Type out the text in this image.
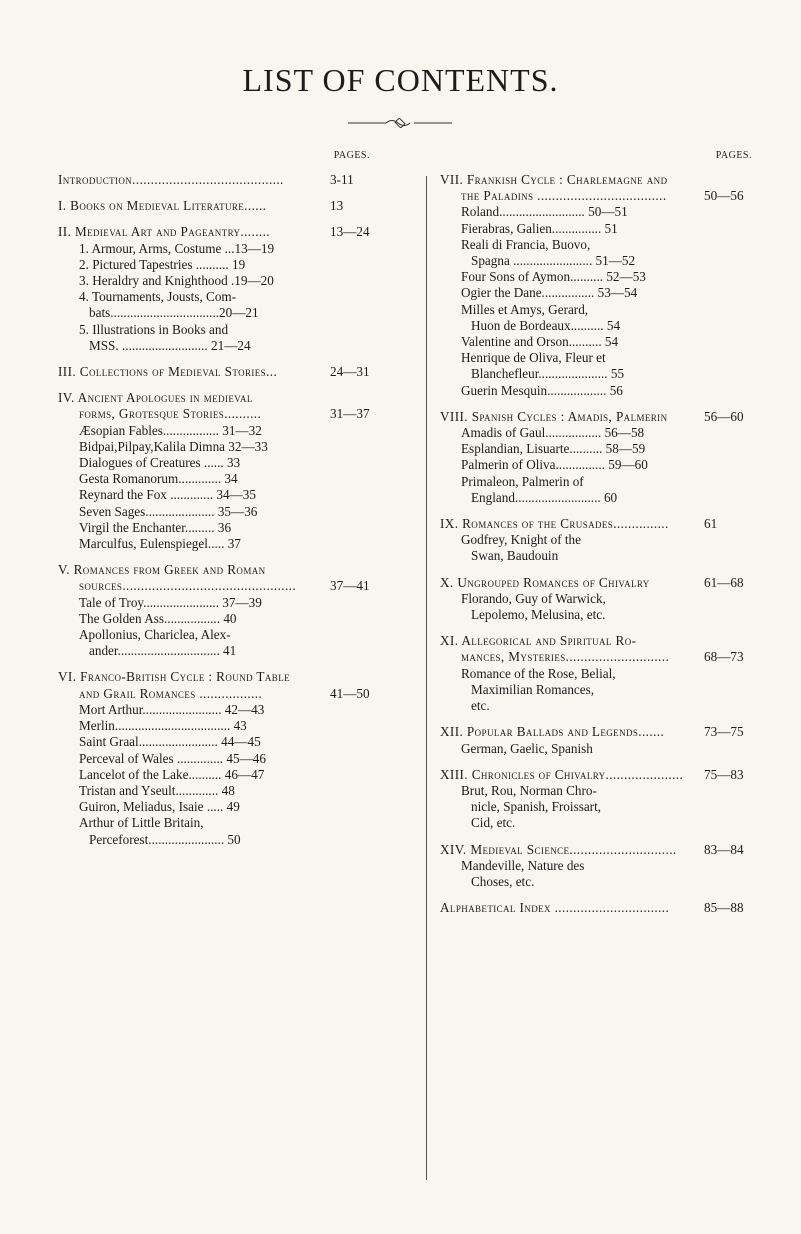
LIST OF CONTENTS.
PAGES.
Introduction.........................................	3-11
I. Books on Medieval Literature......	13
II. Medieval Art and Pageantry........	13—24
1. Armour, Arms, Costume ...13—19
2. Pictured Tapestries .......... 19
3. Heraldry and Knighthood .19—20
4. Tournaments, Jousts, Com-
bats.................................20—21
5. Illustrations in Books and
MSS. .......................... 21—24
III. Collections of Medieval Stories...	24—31
IV. Ancient Apologues in medieval
forms, Grotesque Stories..........	31—37
Æsopian Fables................. 31—32
Bidpai,Pilpay,Kalila Dimna 32—33
Dialogues of Creatures ...... 33
Gesta Romanorum............. 34
Reynard the Fox ............. 34—35
Seven Sages..................... 35—36
Virgil the Enchanter......... 36
Marculfus, Eulenspiegel..... 37
V. Romances from Greek and Roman
sources...............................................	37—41
Tale of Troy....................... 37—39
The Golden Ass................. 40
Apollonius, Chariclea, Alex-
ander............................... 41
VI. Franco-British Cycle : Round Table
and Grail Romances .................	41—50
Mort Arthur........................ 42—43
Merlin................................... 43
Saint Graal........................ 44—45
Perceval of Wales .............. 45—46
Lancelot of the Lake.......... 46—47
Tristan and Yseult............. 48
Guiron, Meliadus, Isaie ..... 49
Arthur of Little Britain,
Perceforest....................... 50
PAGES.
VII. Frankish Cycle : Charlemagne and
the Paladins ...................................	50—56
Roland.......................... 50—51
Fierabras, Galien............... 51
Reali di Francia, Buovo,
Spagna ........................ 51—52
Four Sons of Aymon.......... 52—53
Ogier the Dane................ 53—54
Milles et Amys, Gerard,
Huon de Bordeaux.......... 54
Valentine and Orson.......... 54
Henrique de Oliva, Fleur et
Blanchefleur..................... 55
Guerin Mesquin.................. 56
VIII. Spanish Cycles : Amadis, Palmerin	56—60
Amadis of Gaul................. 56—58
Esplandian, Lisuarte.......... 58—59
Palmerin of Oliva............... 59—60
Primaleon, Palmerin of
England.......................... 60
IX. Romances of the Crusades...............	61
Godfrey, Knight of the
Swan, Baudouin
X. Ungrouped Romances of Chivalry	61—68
Florando, Guy of Warwick,
Lepolemo, Melusina, etc.
XI. Allegorical and Spiritual Ro-
mances, Mysteries............................	68—73
Romance of the Rose, Belial,
Maximilian Romances,
etc.
XII. Popular Ballads and Legends.......	73—75
German, Gaelic, Spanish
XIII. Chronicles of Chivalry.....................	75—83
Brut, Rou, Norman Chro-
nicle, Spanish, Froissart,
Cid, etc.
XIV. Medieval Science.............................	83—84
Mandeville, Nature des
Choses, etc.
Alphabetical Index ...............................	85—88
